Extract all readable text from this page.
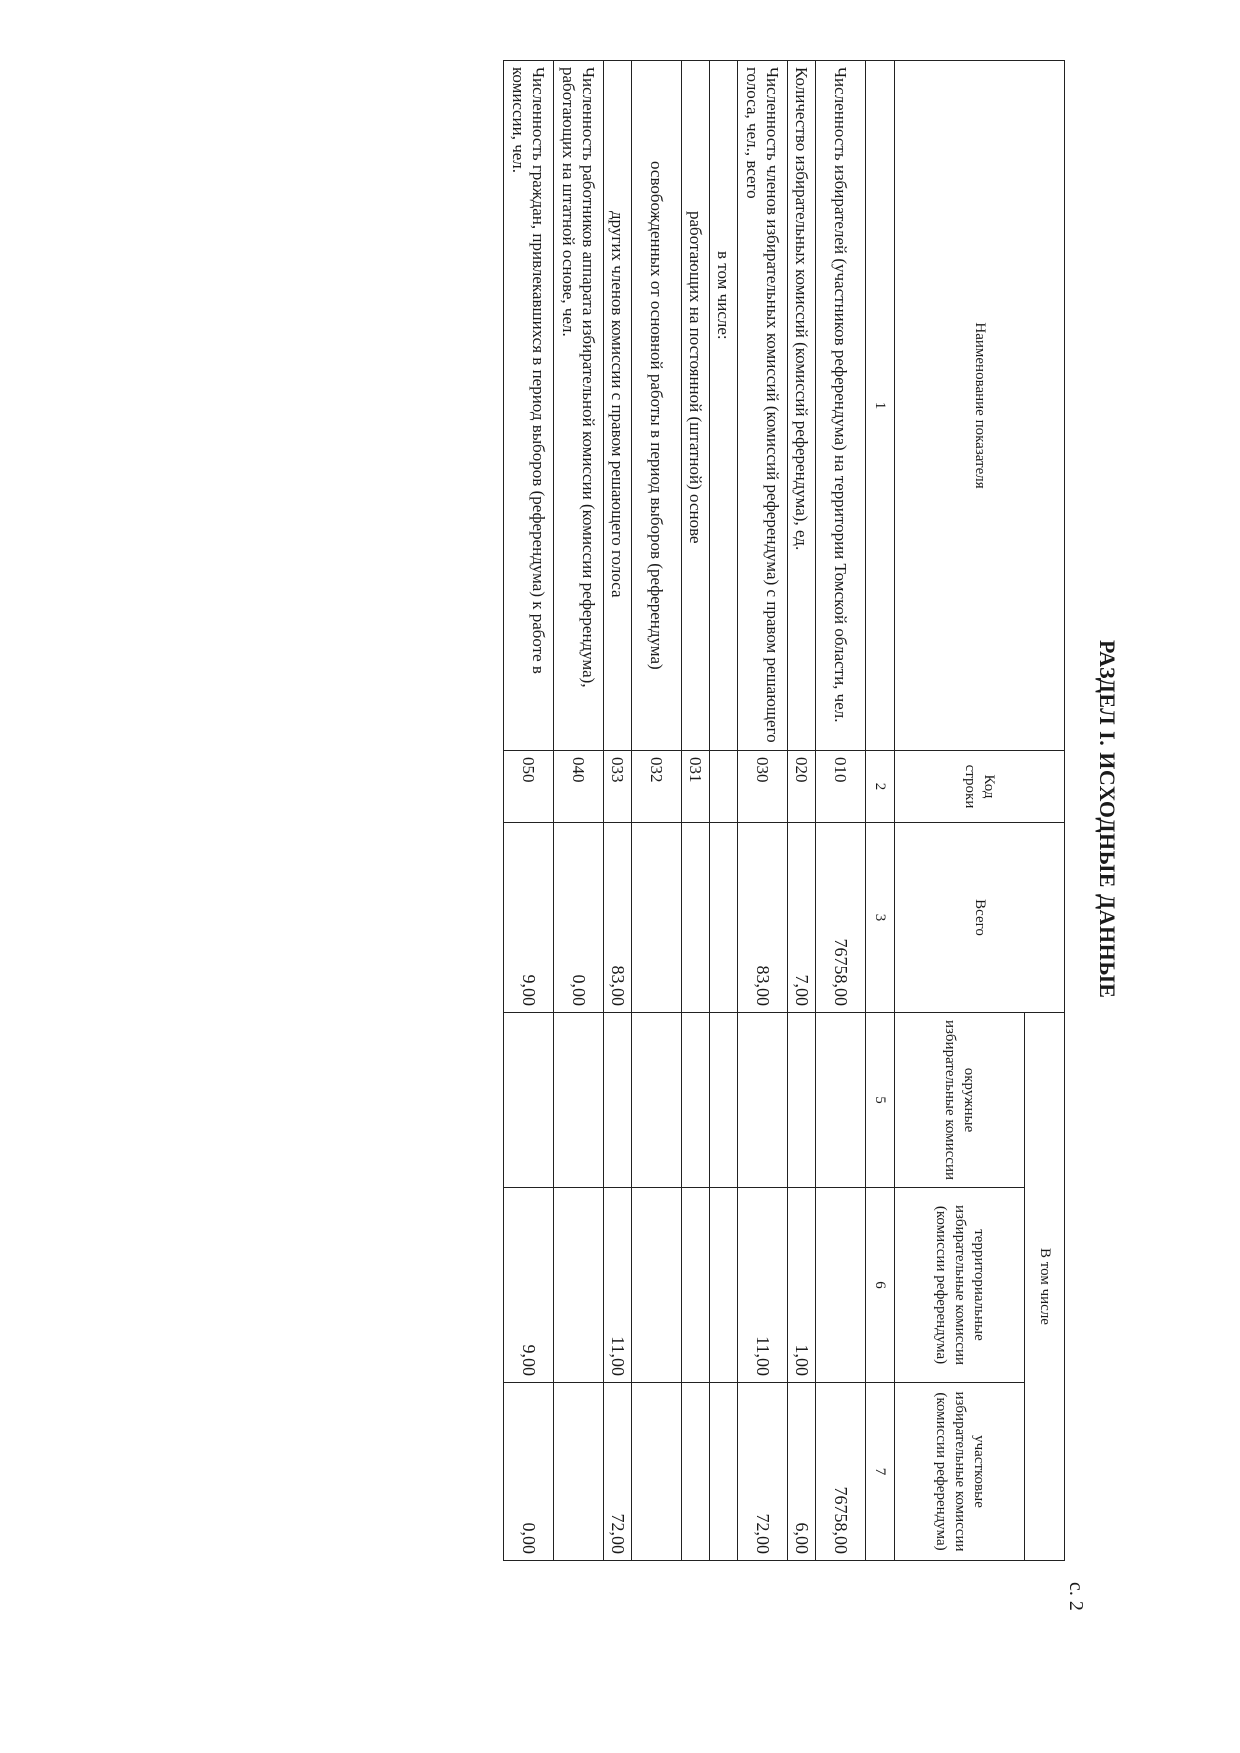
с. 2
РАЗДЕЛ I. ИСХОДНЫЕ ДАННЫЕ
Наименование показателя	Код строки	Всего	В том числе		
			окружные избирательные комиссии	территориальные избирательные комиссии (комиссии референдума)	участковые избирательные комиссии (комиссии референдума)
1	2	3	5	6	7
Численность избирателей (участников референдума) на территории Томской области, чел.	010	76758,00			76758,00
Количество избирательных комиссий (комиссий референдума), ед.	020	7,00		1,00	6,00
Численность членов избирательных комиссий (комиссий референдума) с правом решающего голоса, чел., всего	030	83,00		11,00	72,00
в том числе:					
работающих на постоянной (штатной) основе	031				
освобожденных от основной работы в период выборов (референдума)	032				
других членов комиссии с правом решающего голоса	033	83,00		11,00	72,00
Численность работников аппарата избирательной комиссии (комиссии референдума), работающих на штатной основе, чел.	040	0,00			
Численность граждан, привлекавшихся в период выборов (референдума) к работе в комиссии, чел.	050	9,00		9,00	0,00
